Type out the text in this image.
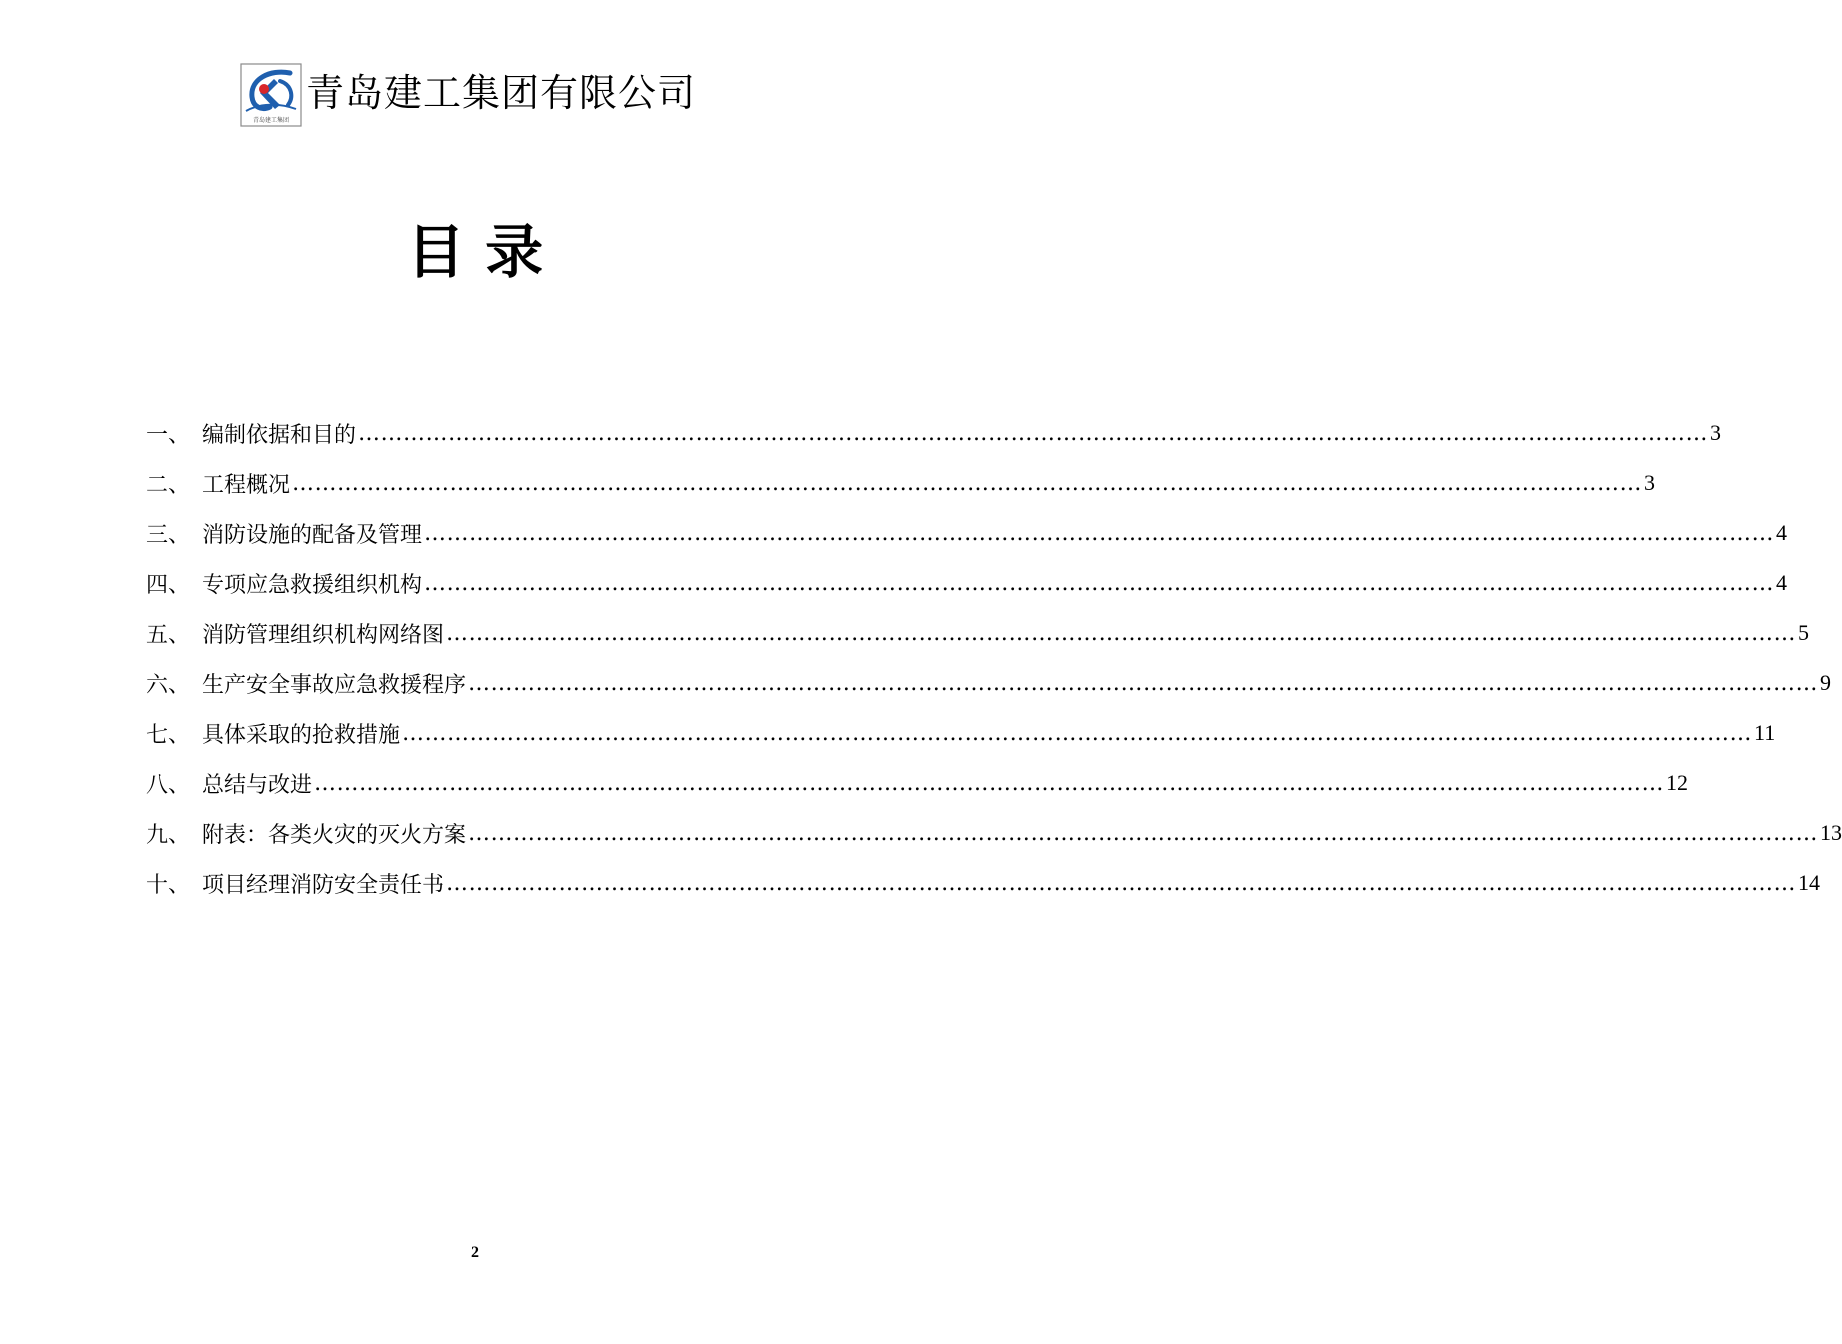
青岛建工集团
青岛建工集团有限公司
目 录
一、 编制依据和目的 ……………………………………………………………………………………………………………………………………………………………… 3
二、 工程概况 ……………………………………………………………………………………………………………………………………………………………… 3
三、 消防设施的配备及管理 ……………………………………………………………………………………………………………………………………………………………… 4
四、 专项应急救援组织机构 ……………………………………………………………………………………………………………………………………………………………… 4
五、 消防管理组织机构网络图 ……………………………………………………………………………………………………………………………………………………………… 5
六、 生产安全事故应急救援程序 ……………………………………………………………………………………………………………………………………………………………… 9
七、 具体采取的抢救措施 ……………………………………………………………………………………………………………………………………………………………… 11
八、 总结与改进 ……………………………………………………………………………………………………………………………………………………………… 12
九、 附表：各类火灾的灭火方案 ……………………………………………………………………………………………………………………………………………………………… 13
十、 项目经理消防安全责任书 ……………………………………………………………………………………………………………………………………………………………… 14
2
